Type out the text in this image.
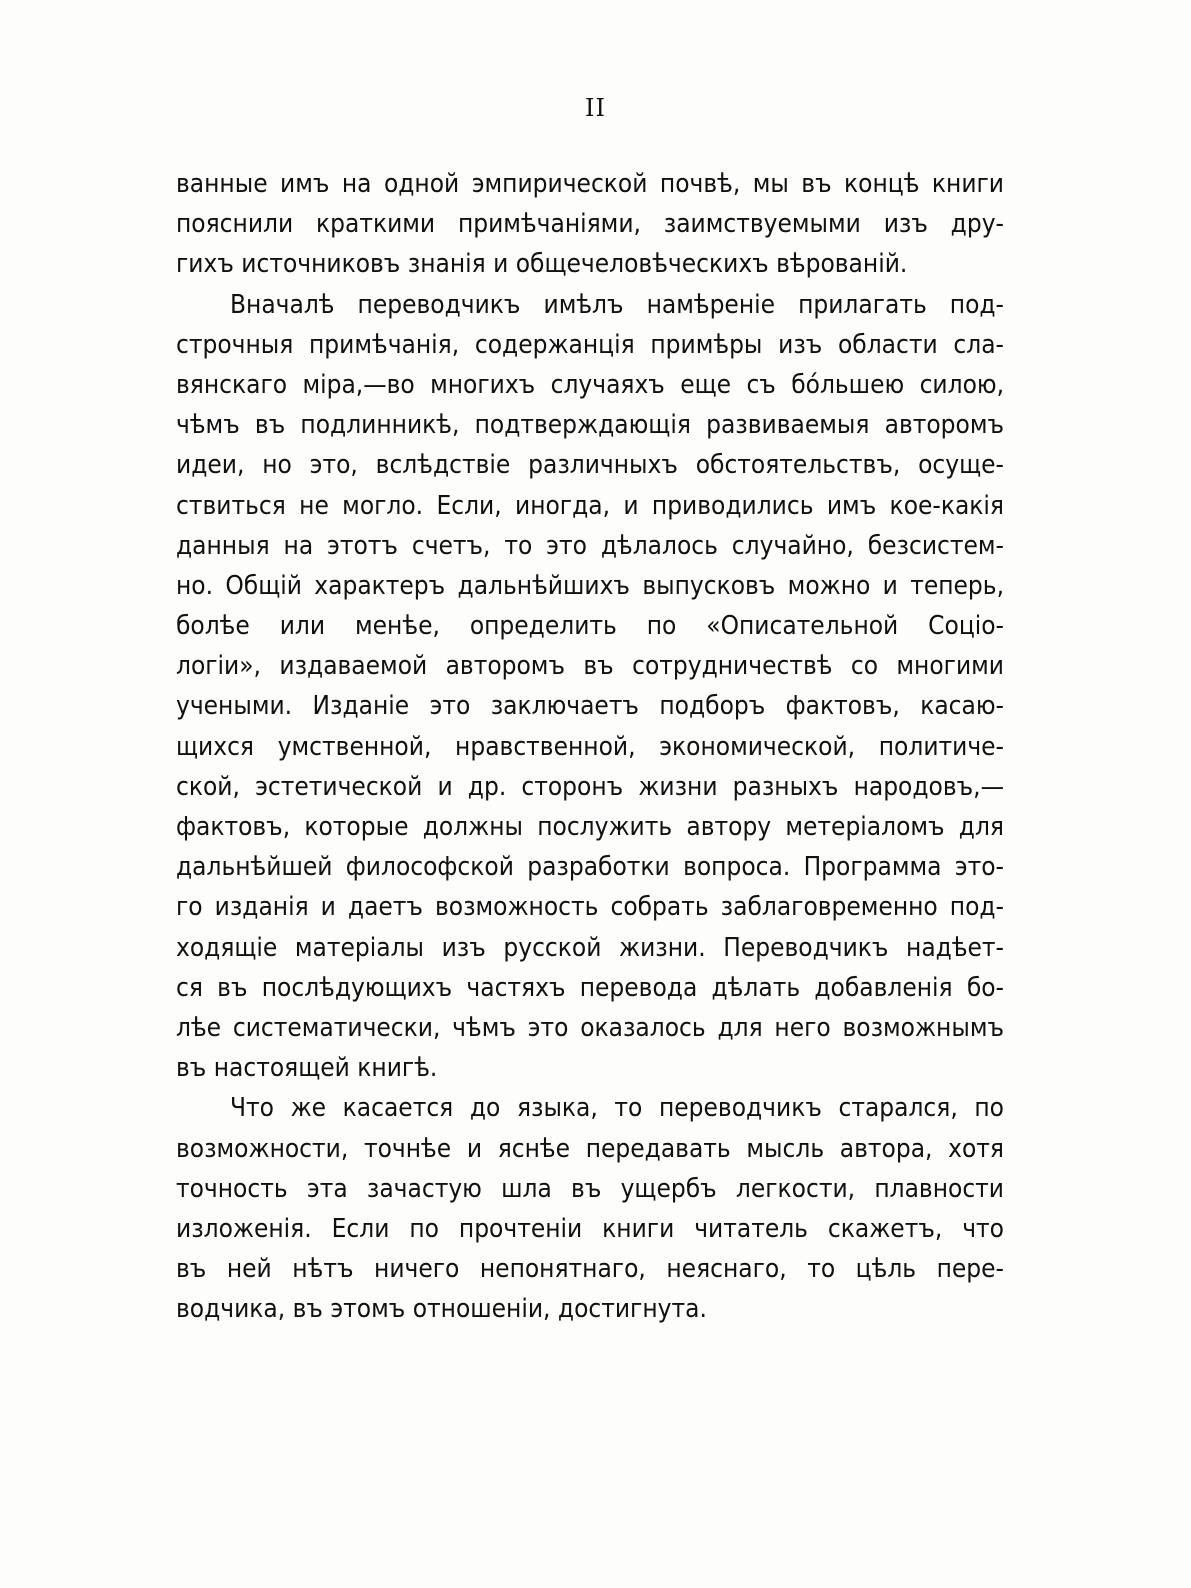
II
ванные имъ на одной эмпирической почвѣ, мы въ концѣ книги
пояснили краткими примѣчаніями, заимствуемыми изъ дру-
гихъ источниковъ знанія и общечеловѣческихъ вѣрованій.
Вначалѣ переводчикъ имѣлъ намѣреніе прилагать под-
строчныя примѣчанія, содержанція примѣры изъ области сла-
вянскаго міра,—во многихъ случаяхъ еще съ бо́льшею силою,
чѣмъ въ подлинникѣ, подтверждающія развиваемыя авторомъ
идеи, но это, вслѣдствіе различныхъ обстоятельствъ, осуще-
ствиться не могло. Если, иногда, и приводились имъ кое-какія
данныя на этотъ счетъ, то это дѣлалось случайно, безсистем-
но. Общій характеръ дальнѣйшихъ выпусковъ можно и теперь,
болѣе или менѣе, определить по «Описательной Соціо-
логіи», издаваемой авторомъ въ сотрудничествѣ со многими
учеными. Изданіе это заключаетъ подборъ фактовъ, касаю-
щихся умственной, нравственной, экономической, политиче-
ской, эстетической и др. сторонъ жизни разныхъ народовъ,—
фактовъ, которые должны послужить автору метеріаломъ для
дальнѣйшей философской разработки вопроса. Программа это-
го изданія и даетъ возможность собрать заблаговременно под-
ходящіе матеріалы изъ русской жизни. Переводчикъ надѣет-
ся въ послѣдующихъ частяхъ перевода дѣлать добавленія бо-
лѣе систематически, чѣмъ это оказалось для него возможнымъ
въ настоящей книгѣ.
Что же касается до языка, то переводчикъ старался, по
возможности, точнѣе и яснѣе передавать мысль автора, хотя
точность эта зачастую шла въ ущербъ легкости, плавности
изложенія. Если по прочтеніи книги читатель скажетъ, что
въ ней нѣтъ ничего непонятнаго, неяснаго, то цѣль пере-
водчика, въ этомъ отношеніи, достигнута.
